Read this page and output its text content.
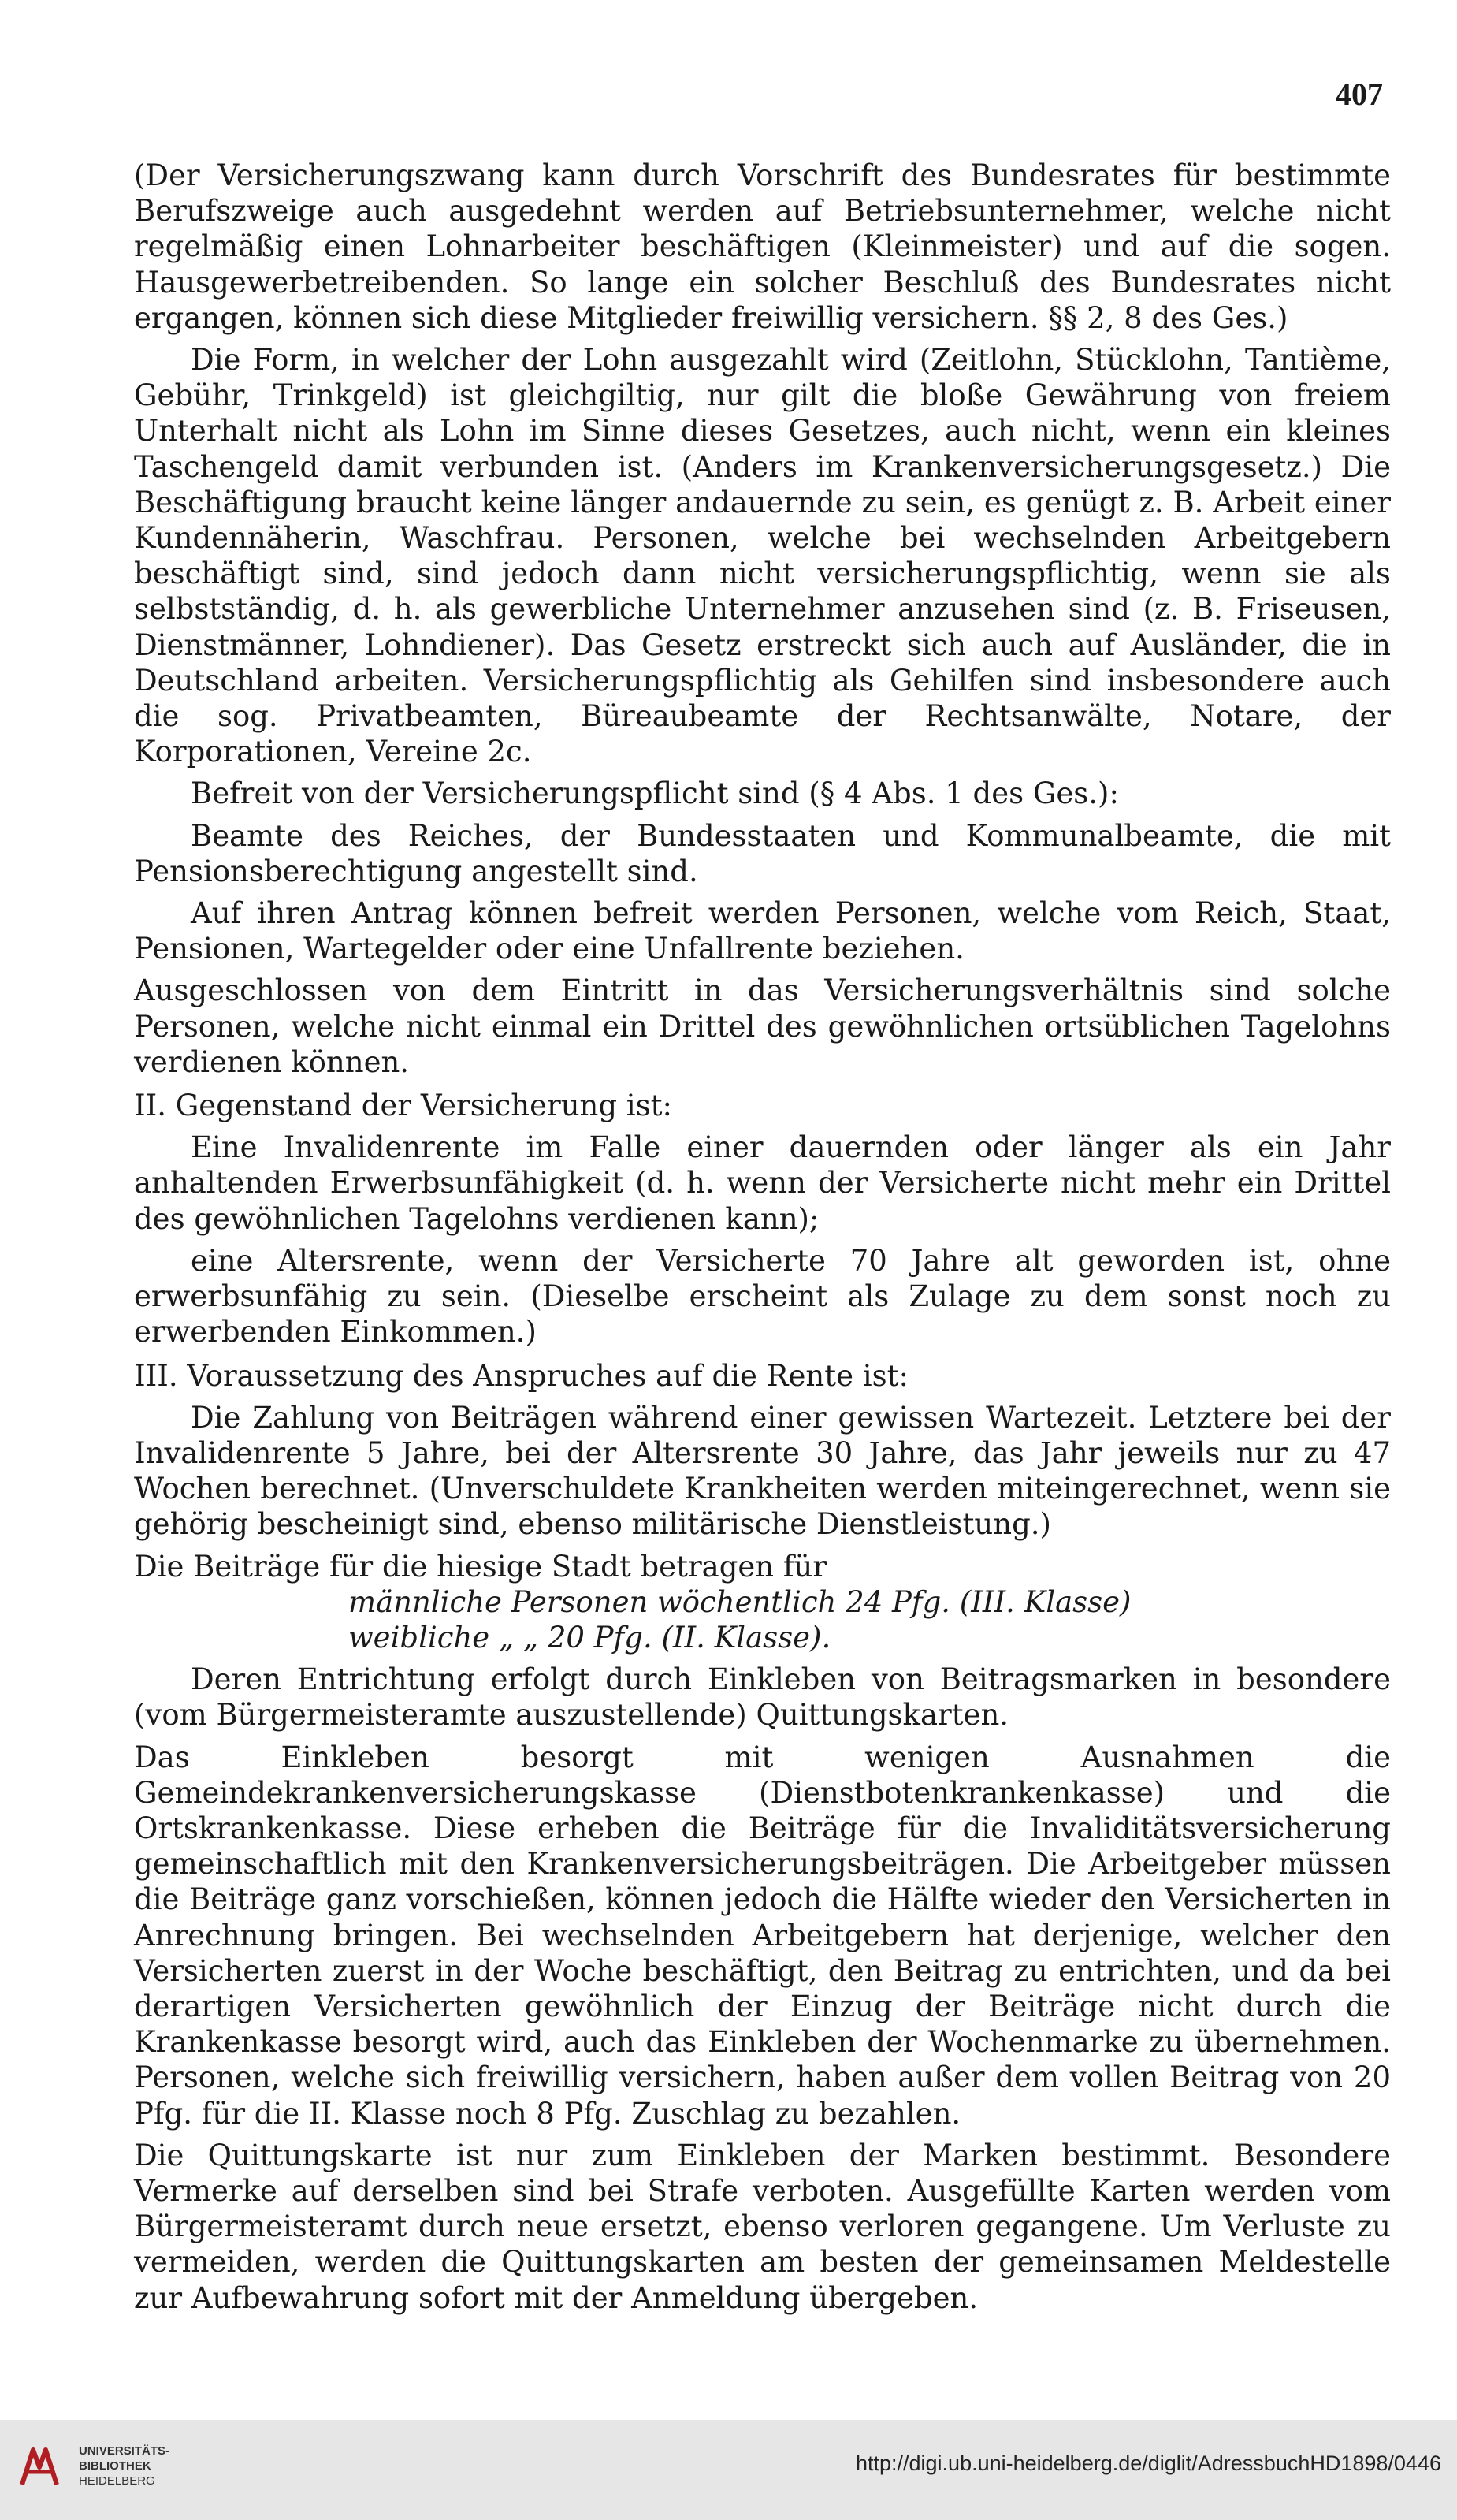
407

(Der Versicherungszwang kann durch Vorschrift des Bundesrates für bestimmte Berufszweige auch ausgedehnt werden auf Betriebsunternehmer, welche nicht regelmäßig einen Lohnarbeiter beschäftigen (Kleinmeister) und auf die sogen. Hausgewerbetreibenden. So lange ein solcher Beschluß des Bundesrates nicht ergangen, können sich diese Mitglieder freiwillig versichern. §§ 2, 8 des Ges.)

Die Form, in welcher der Lohn ausgezahlt wird (Zeitlohn, Stücklohn, Tantième, Gebühr, Trinkgeld) ist gleichgiltig, nur gilt die bloße Gewährung von freiem Unterhalt nicht als Lohn im Sinne dieses Gesetzes, auch nicht, wenn ein kleines Taschengeld damit verbunden ist. (Anders im Krankenversicherungsgesetz.) Die Beschäftigung braucht keine länger andauernde zu sein, es genügt z. B. Arbeit einer Kundennäherin, Waschfrau. Personen, welche bei wechselnden Arbeitgebern beschäftigt sind, sind jedoch dann nicht versicherungspflichtig, wenn sie als selbstständig, d. h. als gewerbliche Unternehmer anzusehen sind (z. B. Friseusen, Dienstmänner, Lohndiener). Das Gesetz erstreckt sich auch auf Ausländer, die in Deutschland arbeiten. Versicherungspflichtig als Gehilfen sind insbesondere auch die sog. Privatbeamten, Büreaubeamte der Rechtsanwälte, Notare, der Korporationen, Vereine 2c.

Befreit von der Versicherungspflicht sind (§ 4 Abs. 1 des Ges.):

Beamte des Reiches, der Bundesstaaten und Kommunalbeamte, die mit Pensionsberechtigung angestellt sind.

Auf ihren Antrag können befreit werden Personen, welche vom Reich, Staat, Pensionen, Wartegelder oder eine Unfallrente beziehen.

Ausgeschlossen von dem Eintritt in das Versicherungsverhältnis sind solche Personen, welche nicht einmal ein Drittel des gewöhnlichen ortsüblichen Tagelohns verdienen können.

II. Gegenstand der Versicherung ist:

Eine Invalidenrente im Falle einer dauernden oder länger als ein Jahr anhaltenden Erwerbsunfähigkeit (d. h. wenn der Versicherte nicht mehr ein Drittel des gewöhnlichen Tagelohns verdienen kann);

eine Altersrente, wenn der Versicherte 70 Jahre alt geworden ist, ohne erwerbsunfähig zu sein. (Dieselbe erscheint als Zulage zu dem sonst noch zu erwerbenden Einkommen.)

III. Voraussetzung des Anspruches auf die Rente ist:

Die Zahlung von Beiträgen während einer gewissen Wartezeit. Letztere bei der Invalidenrente 5 Jahre, bei der Altersrente 30 Jahre, das Jahr jeweils nur zu 47 Wochen berechnet. (Unverschuldete Krankheiten werden miteingerechnet, wenn sie gehörig bescheinigt sind, ebenso militärische Dienstleistung.)

Die Beiträge für die hiesige Stadt betragen für

männliche Personen wöchentlich 24 Pfg. (III. Klasse)

weibliche „ „ 20 Pfg. (II. Klasse).

Deren Entrichtung erfolgt durch Einkleben von Beitragsmarken in besondere (vom Bürgermeisteramte auszustellende) Quittungskarten.

Das Einkleben besorgt mit wenigen Ausnahmen die Gemeindekrankenversicherungskasse (Dienstbotenkrankenkasse) und die Ortskrankenkasse. Diese erheben die Beiträge für die Invaliditätsversicherung gemeinschaftlich mit den Krankenversicherungsbeiträgen. Die Arbeitgeber müssen die Beiträge ganz vorschießen, können jedoch die Hälfte wieder den Versicherten in Anrechnung bringen. Bei wechselnden Arbeitgebern hat derjenige, welcher den Versicherten zuerst in der Woche beschäftigt, den Beitrag zu entrichten, und da bei derartigen Versicherten gewöhnlich der Einzug der Beiträge nicht durch die Krankenkasse besorgt wird, auch das Einkleben der Wochenmarke zu übernehmen. Personen, welche sich freiwillig versichern, haben außer dem vollen Beitrag von 20 Pfg. für die II. Klasse noch 8 Pfg. Zuschlag zu bezahlen.

Die Quittungskarte ist nur zum Einkleben der Marken bestimmt. Besondere Vermerke auf derselben sind bei Strafe verboten. Ausgefüllte Karten werden vom Bürgermeisteramt durch neue ersetzt, ebenso verloren gegangene. Um Verluste zu vermeiden, werden die Quittungskarten am besten der gemeinsamen Meldestelle zur Aufbewahrung sofort mit der Anmeldung übergeben.

UNIVERSITÄTS-
BIBLIOTHEK
HEIDELBERG
http://digi.ub.uni-heidelberg.de/diglit/AdressbuchHD1898/0446
